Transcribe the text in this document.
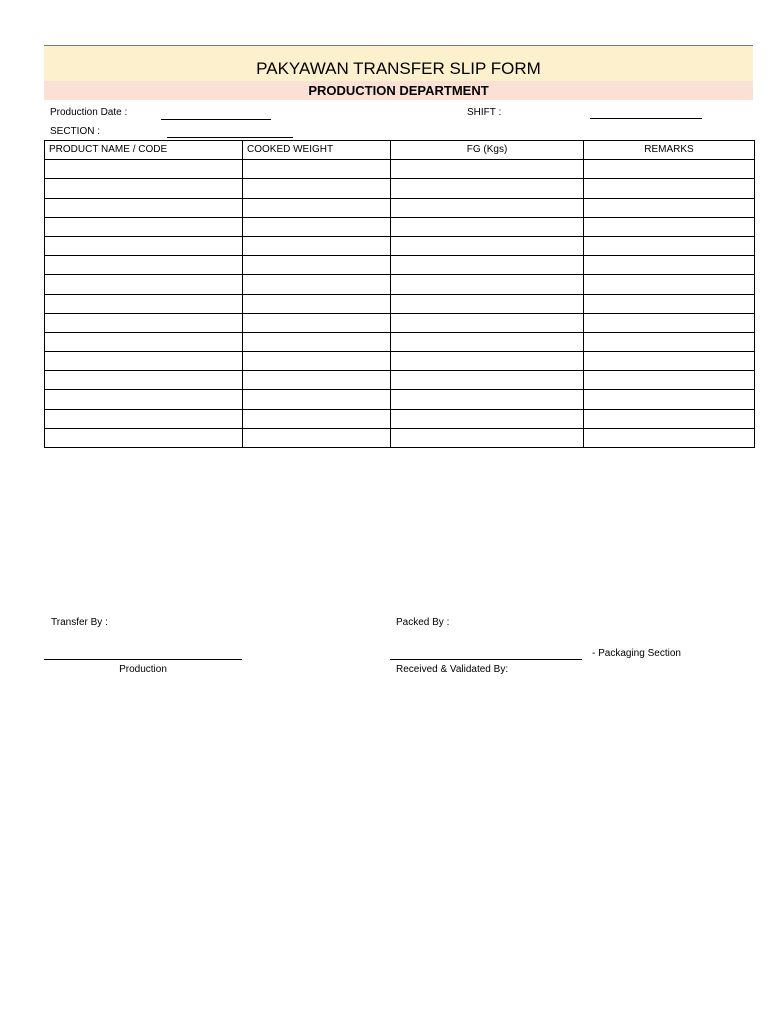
PAKYAWAN TRANSFER SLIP FORM
PRODUCTION DEPARTMENT
Production Date :	SHIFT :
SECTION :
PRODUCT NAME / CODE	COOKED WEIGHT	FG (Kgs)	REMARKS

Transfer By :
Production
Packed By :
- Packaging Section
Received & Validated By:
